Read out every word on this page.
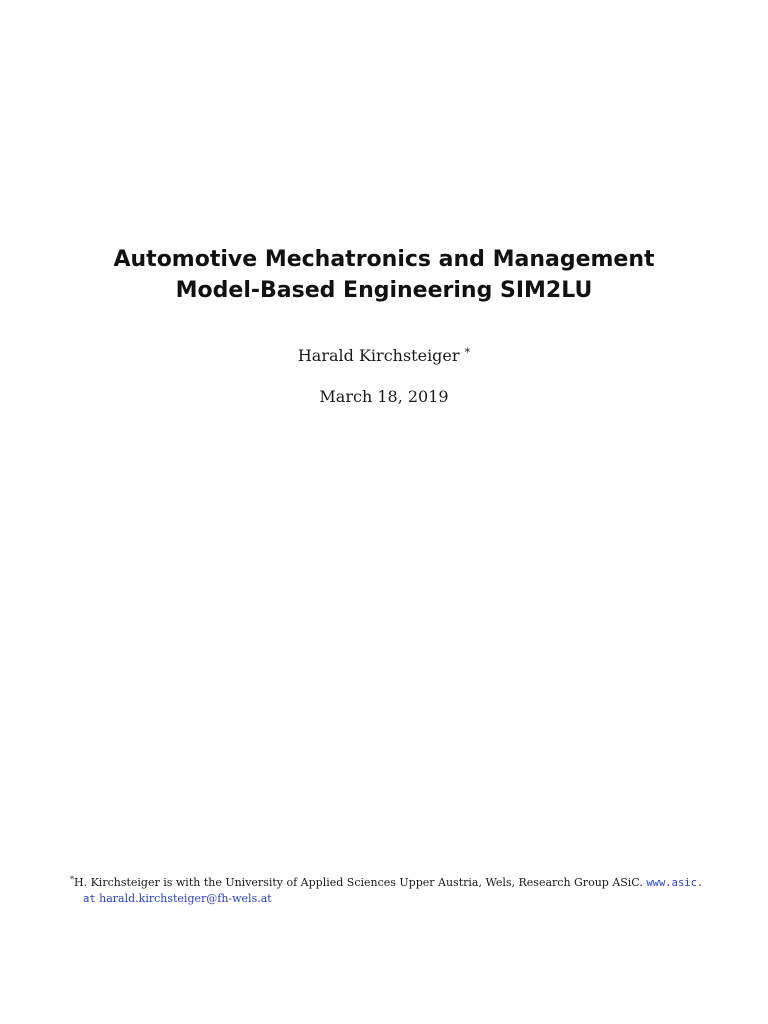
Automotive Mechatronics and Management
Model-Based Engineering SIM2LU
Harald Kirchsteiger *
March 18, 2019
*H. Kirchsteiger is with the University of Applied Sciences Upper Austria, Wels, Research Group ASiC. www.asic.
at harald.kirchsteiger@fh-wels.at
